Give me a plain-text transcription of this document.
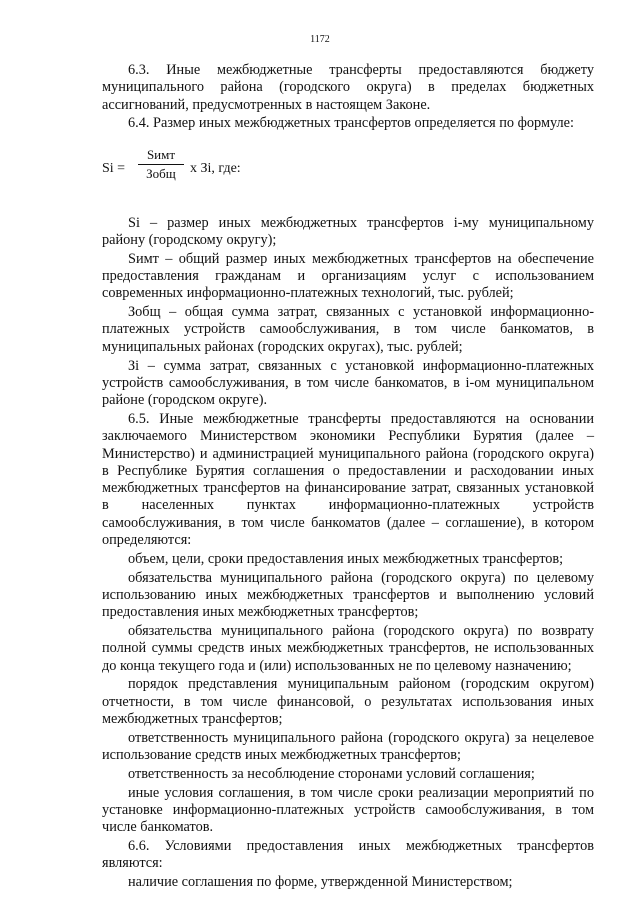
1172

6.3. Иные межбюджетные трансферты предоставляются бюджету муниципального района (городского округа) в пределах бюджетных ассигнований, предусмотренных в настоящем Законе.

6.4. Размер иных межбюджетных трансфертов определяется по формуле:

Si =
Sимт
Зобщ	x Зi, где:

Si – размер иных межбюджетных трансфертов i-му муниципальному району (городскому округу);

Sимт – общий размер иных межбюджетных трансфертов на обеспечение предоставления гражданам и организациям услуг с использованием современных информационно-платежных технологий, тыс. рублей;

Зобщ – общая сумма затрат, связанных с установкой информационно-платежных устройств самообслуживания, в том числе банкоматов, в муниципальных районах (городских округах), тыс. рублей;

Зi – сумма затрат, связанных с установкой информационно-платежных устройств самообслуживания, в том числе банкоматов, в i-ом муниципальном районе (городском округе).

6.5. Иные межбюджетные трансферты предоставляются на основании заключаемого Министерством экономики Республики Бурятия (далее – Министерство) и администрацией муниципального района (городского округа) в Республике Бурятия соглашения о предоставлении и расходовании иных межбюджетных трансфертов на финансирование затрат, связанных установкой в населенных пунктах информационно-платежных устройств самообслуживания, в том числе банкоматов (далее – соглашение), в котором определяются:

объем, цели, сроки предоставления иных межбюджетных трансфертов;

обязательства муниципального района (городского округа) по целевому использованию иных межбюджетных трансфертов и выполнению условий предоставления иных межбюджетных трансфертов;

обязательства муниципального района (городского округа) по возврату полной суммы средств иных межбюджетных трансфертов, не использованных до конца текущего года и (или) использованных не по целевому назначению;

порядок представления муниципальным районом (городским округом) отчетности, в том числе финансовой, о результатах использования иных межбюджетных трансфертов;

ответственность муниципального района (городского округа) за нецелевое использование средств иных межбюджетных трансфертов;

ответственность за несоблюдение сторонами условий соглашения;

иные условия соглашения, в том числе сроки реализации мероприятий по установке информационно-платежных устройств самообслуживания, в том числе банкоматов.

6.6. Условиями предоставления иных межбюджетных трансфертов являются:

наличие соглашения по форме, утвержденной Министерством;
